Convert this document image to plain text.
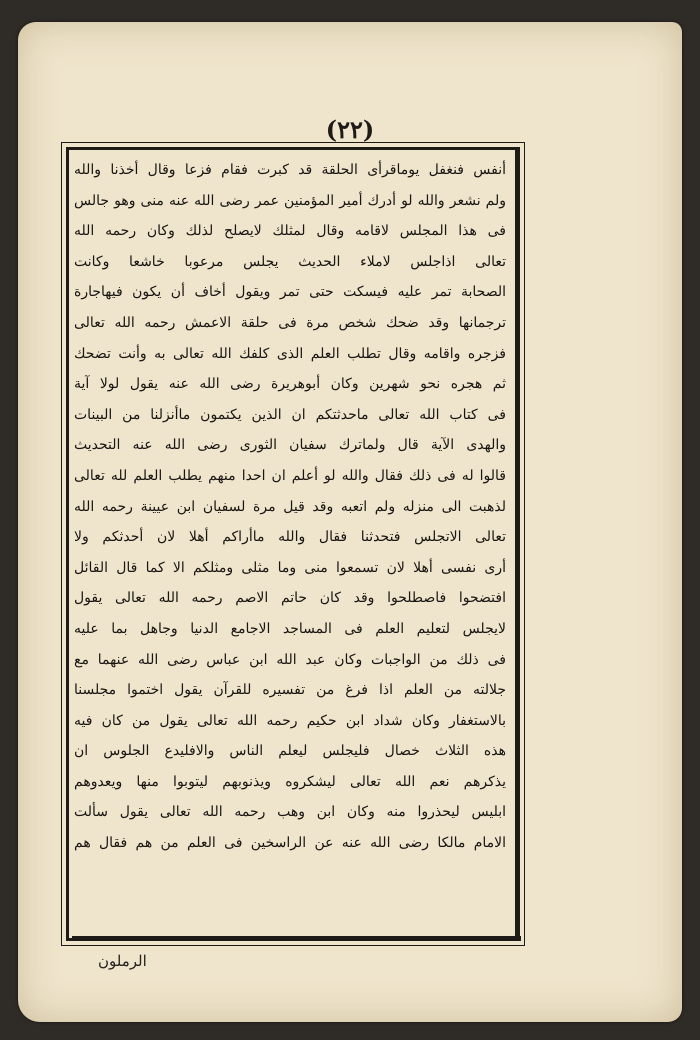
(٢٢)
أنفس فنغفل يوماقرأى الحلقة قد كبرت فقام فزعا وقال أخذنا والله
ولم نشعر والله لو أدرك أمير المؤمنين عمر رضى الله عنه منى وهو جالس
فى هذا المجلس لاقامه وقال لمثلك لايصلح لذلك وكان رحمه الله
تعالى اذاجلس لاملاء الحديث يجلس مرعوبا خاشعا وكانت
الصحابة تمر عليه فيسكت حتى تمر ويقول أخاف أن يكون فيهاجارة
ترجمانها وقد ضحك شخص مرة فى حلقة الاعمش رحمه الله تعالى
فزجره واقامه وقال تطلب العلم الذى كلفك الله تعالى به وأنت تضحك
ثم هجره نحو شهرين وكان أبوهريرة رضى الله عنه يقول لولا آية
فى كتاب الله تعالى ماحدثتكم ان الذين يكتمون ماأنزلنا من البينات
والهدى الآية قال ولماترك سفيان الثورى رضى الله عنه التحديث
قالوا له فى ذلك فقال والله لو أعلم ان احدا منهم يطلب العلم لله تعالى
لذهبت الى منزله ولم اتعبه وقد قيل مرة لسفيان ابن عيينة رحمه الله
تعالى الاتجلس فتحدثنا فقال والله ماأراكم أهلا لان أحدثكم ولا
أرى نفسى أهلا لان تسمعوا منى وما مثلى ومثلكم الا كما قال القائل
افتضحوا فاصطلحوا وقد كان حاتم الاصم رحمه الله تعالى يقول
لايجلس لتعليم العلم فى المساجد الاجامع الدنيا وجاهل بما عليه
فى ذلك من الواجبات وكان عبد الله ابن عباس رضى الله عنهما مع
جلالته من العلم اذا فرغ من تفسيره للقرآن يقول اختموا مجلسنا
بالاستغفار وكان شداد ابن حكيم رحمه الله تعالى يقول من كان فيه
هذه الثلاث خصال فليجلس ليعلم الناس والافليدع الجلوس ان
يذكرهم نعم الله تعالى ليشكروه ويذنوبهم ليتوبوا منها ويعدوهم
ابليس ليحذروا منه وكان ابن وهب رحمه الله تعالى يقول سألت
الامام مالكا رضى الله عنه عن الراسخين فى العلم من هم فقال هم
الرملون
